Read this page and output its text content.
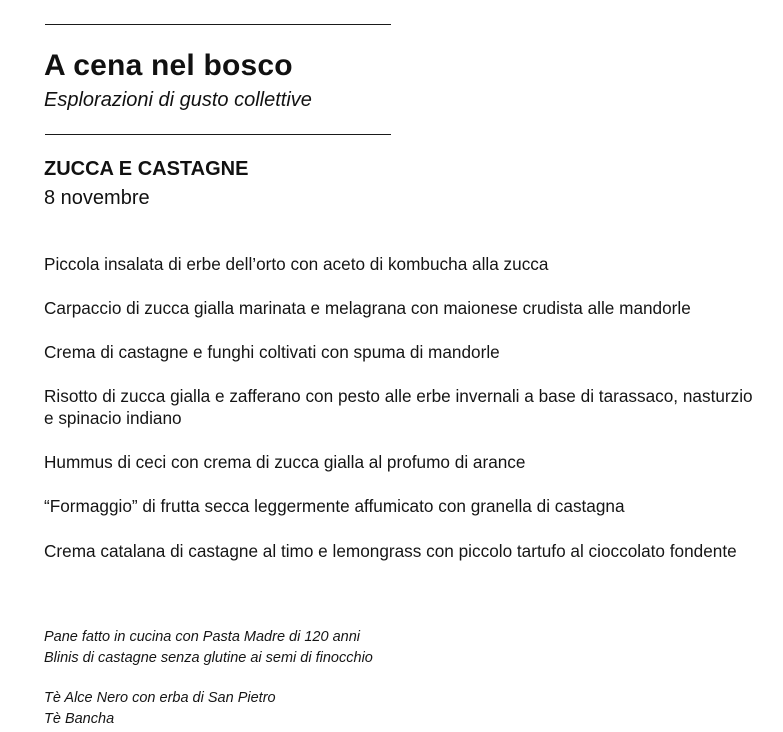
A cena nel bosco

Esplorazioni di gusto collettive

ZUCCA E CASTAGNE

8 novembre

Piccola insalata di erbe dell’orto con aceto di kombucha alla zucca
Carpaccio di zucca gialla marinata e melagrana con maionese crudista alle mandorle
Crema di castagne e funghi coltivati con spuma di mandorle
Risotto di zucca gialla e zafferano con pesto alle erbe invernali a base di tarassaco, nasturzio e spinacio indiano
Hummus di ceci con crema di zucca gialla al profumo di arance
“Formaggio” di frutta secca leggermente affumicato con granella di castagna
Crema catalana di castagne al timo e lemongrass con piccolo tartufo al cioccolato fondente
Pane fatto in cucina con Pasta Madre di 120 anni
Blinis di castagne senza glutine ai semi di finocchio
Tè Alce Nero con erba di San Pietro
Tè Bancha
